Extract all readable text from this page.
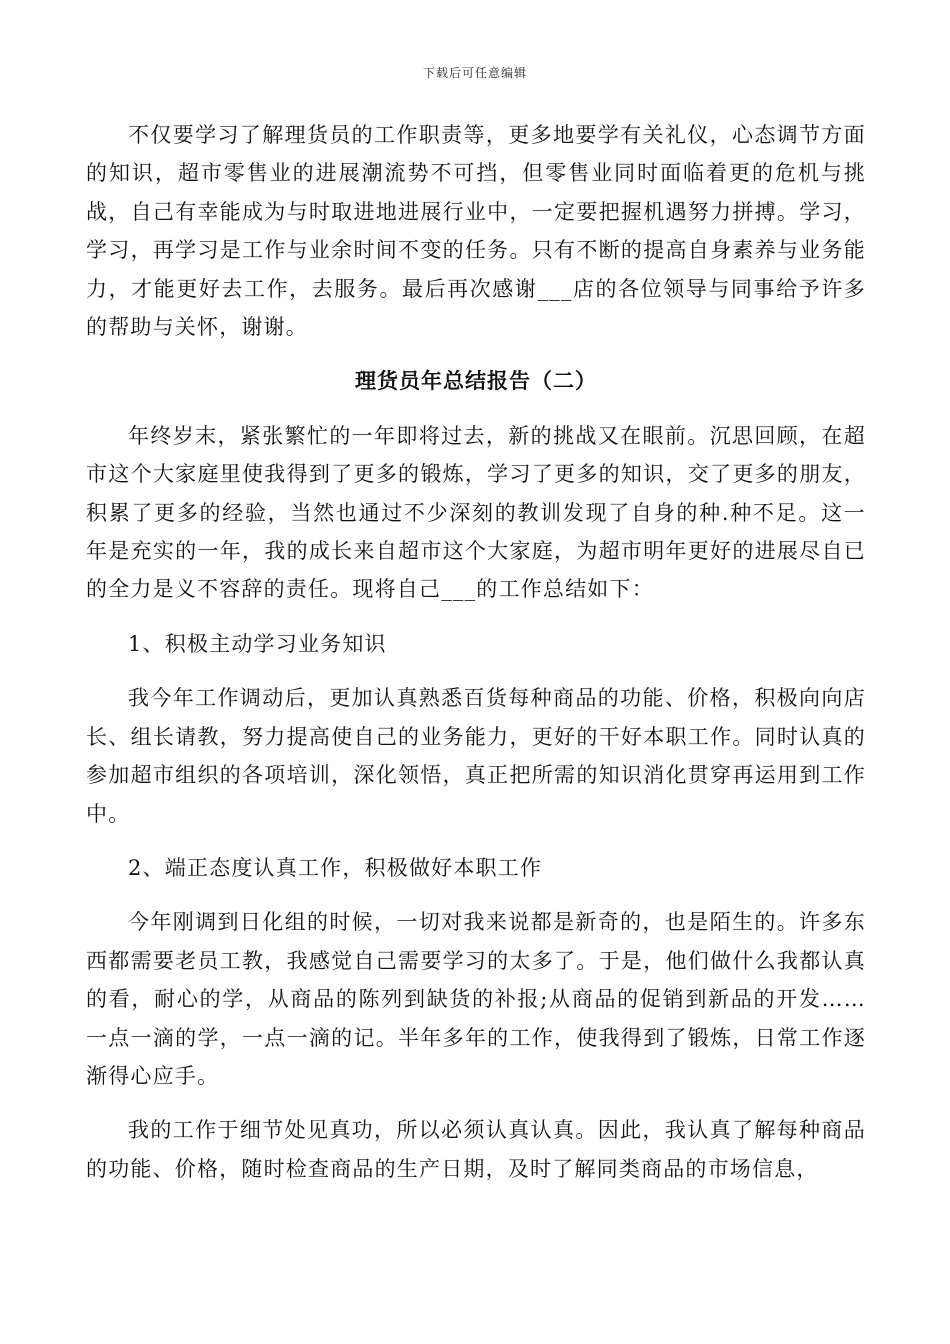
下载后可任意编辑

不仅要学习了解理货员的工作职责等，更多地要学有关礼仪，心态调节方面的知识，超市零售业的进展潮流势不可挡，但零售业同时面临着更的危机与挑战，自己有幸能成为与时取进地进展行业中，一定要把握机遇努力拼搏。学习，学习，再学习是工作与业余时间不变的任务。只有不断的提高自身素养与业务能力，才能更好去工作，去服务。最后再次感谢___店的各位领导与同事给予许多的帮助与关怀，谢谢。

理货员年总结报告（二）

年终岁末，紧张繁忙的一年即将过去，新的挑战又在眼前。沉思回顾，在超市这个大家庭里使我得到了更多的锻炼，学习了更多的知识，交了更多的朋友，积累了更多的经验，当然也通过不少深刻的教训发现了自身的种.种不足。这一年是充实的一年，我的成长来自超市这个大家庭，为超市明年更好的进展尽自已的全力是义不容辞的责任。现将自己___的工作总结如下：

1、积极主动学习业务知识

我今年工作调动后，更加认真熟悉百货每种商品的功能、价格，积极向向店长、组长请教，努力提高使自己的业务能力，更好的干好本职工作。同时认真的参加超市组织的各项培训，深化领悟，真正把所需的知识消化贯穿再运用到工作中。

2、端正态度认真工作，积极做好本职工作

今年刚调到日化组的时候，一切对我来说都是新奇的，也是陌生的。许多东西都需要老员工教，我感觉自己需要学习的太多了。于是，他们做什么我都认真的看，耐心的学，从商品的陈列到缺货的补报;从商品的促销到新品的开发……一点一滴的学，一点一滴的记。半年多年的工作，使我得到了锻炼，日常工作逐渐得心应手。

我的工作于细节处见真功，所以必须认真认真。因此，我认真了解每种商品的功能、价格，随时检查商品的生产日期，及时了解同类商品的市场信息，
